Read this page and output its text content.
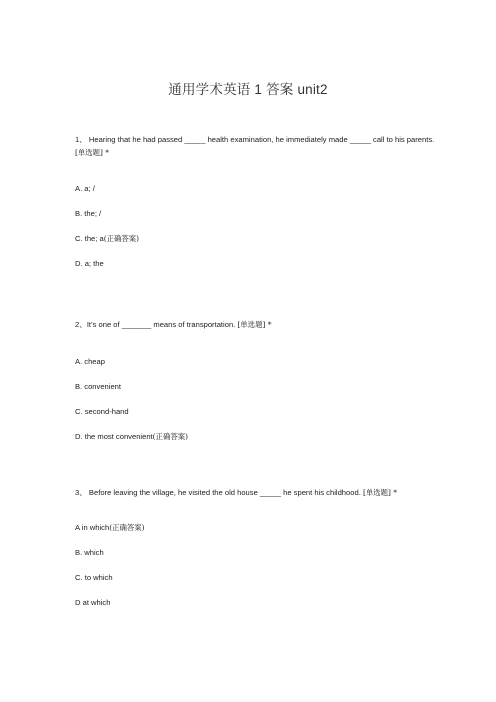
通用学术英语 1 答案 unit2
1、 Hearing that he had passed _____ health examination, he immediately made _____ call to his parents. [单选题] *
A. a; /
B. the; /
C. the; a(正确答案)
D. a; the
2、It’s one of _______ means of transportation. [单选题] *
A. cheap
B. convenient
C. second-hand
D. the most convenient(正确答案)
3、 Before leaving the village, he visited the old house _____ he spent his childhood. [单选题] *
A in which(正确答案)
B. which
C. to which
D at which
